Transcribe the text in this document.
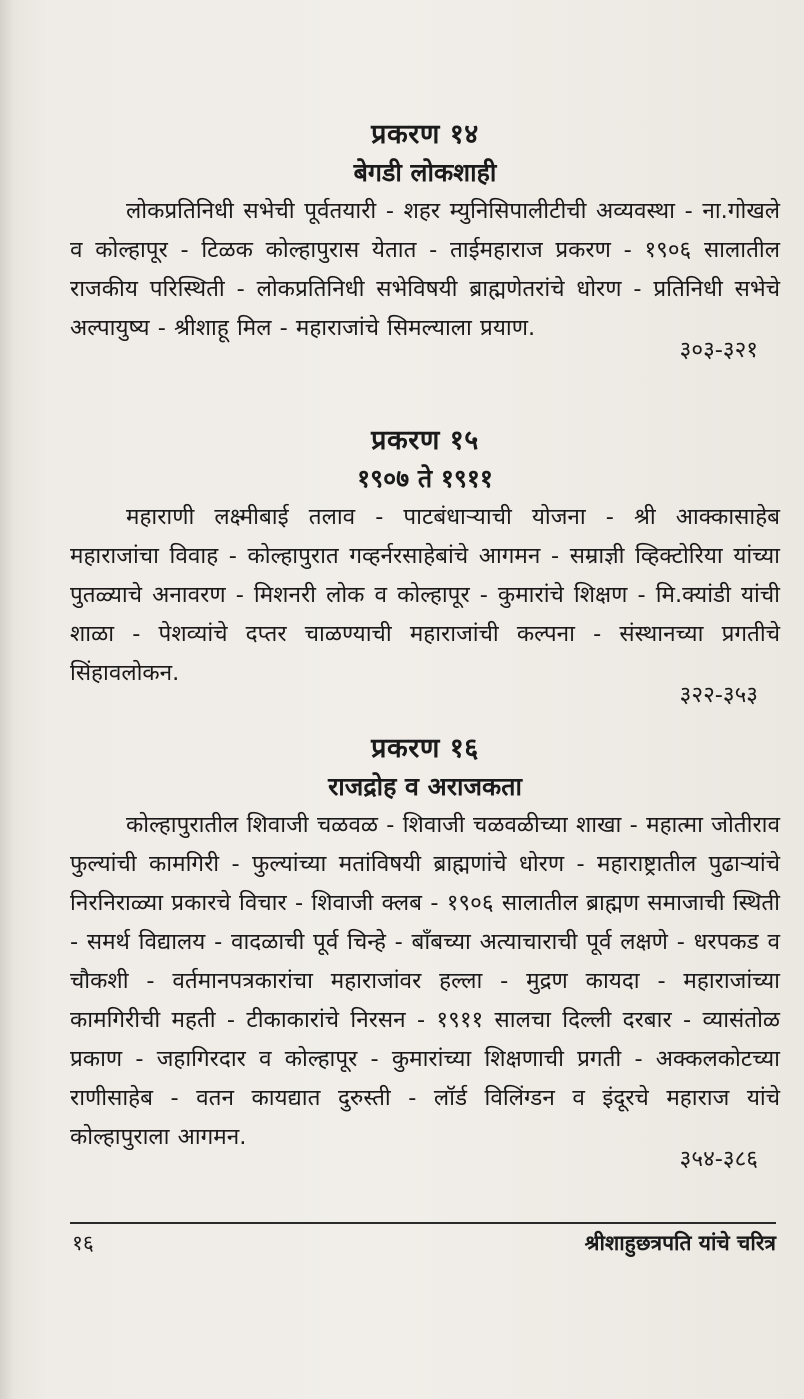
प्रकरण १४
बेगडी लोकशाही

लोकप्रतिनिधी सभेची पूर्वतयारी - शहर म्युनिसिपालीटीची अव्यवस्था - ना.गोखले व कोल्हापूर - टिळक कोल्हापुरास येतात - ताईमहाराज प्रकरण - १९०६ सालातील राजकीय परिस्थिती - लोकप्रतिनिधी सभेविषयी ब्राह्मणेतरांचे धोरण - प्रतिनिधी सभेचे अल्पायुष्य - श्रीशाहू मिल - महाराजांचे सिमल्याला प्रयाण.

३०३-३२१
प्रकरण १५
१९०७ ते १९११

महाराणी लक्ष्मीबाई तलाव - पाटबंधाऱ्याची योजना - श्री आक्कासाहेब महाराजांचा विवाह - कोल्हापुरात गव्हर्नरसाहेबांचे आगमन - सम्राज्ञी व्हिक्टोरिया यांच्या पुतळ्याचे अनावरण - मिशनरी लोक व कोल्हापूर - कुमारांचे शिक्षण - मि.क्यांडी यांची शाळा - पेशव्यांचे दप्तर चाळण्याची महाराजांची कल्पना - संस्थानच्या प्रगतीचे सिंहावलोकन.

३२२-३५३
प्रकरण १६
राजद्रोह व अराजकता

कोल्हापुरातील शिवाजी चळवळ - शिवाजी चळवळीच्या शाखा - महात्मा जोतीराव फुल्यांची कामगिरी - फुल्यांच्या मतांविषयी ब्राह्मणांचे धोरण - महाराष्ट्रातील पुढाऱ्यांचे निरनिराळ्या प्रकारचे विचार - शिवाजी क्लब - १९०६ सालातील ब्राह्मण समाजाची स्थिती - समर्थ विद्यालय - वादळाची पूर्व चिन्हे - बाँबच्या अत्याचाराची पूर्व लक्षणे - धरपकड व चौकशी - वर्तमानपत्रकारांचा महाराजांवर हल्ला - मुद्रण कायदा - महाराजांच्या कामगिरीची महती - टीकाकारांचे निरसन - १९११ सालचा दिल्ली दरबार - व्यासंतोळ प्रकाण - जहागिरदार व कोल्हापूर - कुमारांच्या शिक्षणाची प्रगती - अक्कलकोटच्या राणीसाहेब - वतन कायद्यात दुरुस्ती - लॉर्ड विलिंग्डन व इंदूरचे महाराज यांचे कोल्हापुराला आगमन.

३५४-३८६
१६	श्रीशाहुछत्रपति यांचे चरित्र
